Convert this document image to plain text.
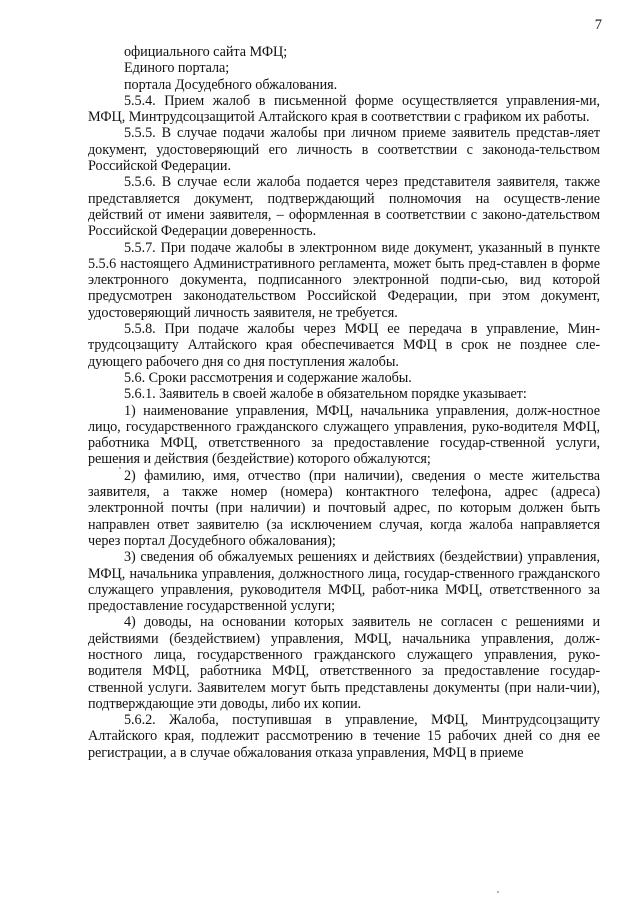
7

официального сайта МФЦ;

Единого портала;

портала Досудебного обжалования.

5.5.4. Прием жалоб в письменной форме осуществляется управления-ми, МФЦ, Минтрудсоцзащитой Алтайского края в соответствии с графиком их работы.

5.5.5. В случае подачи жалобы при личном приеме заявитель представ-ляет документ, удостоверяющий его личность в соответствии с законода-тельством Российской Федерации.

5.5.6. В случае если жалоба подается через представителя заявителя, также представляется документ, подтверждающий полномочия на осуществ-ление действий от имени заявителя, – оформленная в соответствии с законо-дательством Российской Федерации доверенность.

5.5.7. При подаче жалобы в электронном виде документ, указанный в пункте 5.5.6 настоящего Административного регламента, может быть пред-ставлен в форме электронного документа, подписанного электронной подпи-сью, вид которой предусмотрен законодательством Российской Федерации, при этом документ, удостоверяющий личность заявителя, не требуется.

5.5.8. При подаче жалобы через МФЦ ее передача в управление, Мин-трудсоцзащиту Алтайского края обеспечивается МФЦ в срок не позднее сле-дующего рабочего дня со дня поступления жалобы.

5.6. Сроки рассмотрения и содержание жалобы.

5.6.1. Заявитель в своей жалобе в обязательном порядке указывает:

1) наименование управления, МФЦ, начальника управления, долж-ностное лицо, государственного гражданского служащего управления, руко-водителя МФЦ, работника МФЦ, ответственного за предоставление государ-ственной услуги, решения и действия (бездействие) которого обжалуются;

2) фамилию, имя, отчество (при наличии), сведения о месте жительства заявителя, а также номер (номера) контактного телефона, адрес (адреса) электронной почты (при наличии) и почтовый адрес, по которым должен быть направлен ответ заявителю (за исключением случая, когда жалоба направляется через портал Досудебного обжалования);

3) сведения об обжалуемых решениях и действиях (бездействии) управления, МФЦ, начальника управления, должностного лица, государ-ственного гражданского служащего управления, руководителя МФЦ, работ-ника МФЦ, ответственного за предоставление государственной услуги;

4) доводы, на основании которых заявитель не согласен с решениями и действиями (бездействием) управления, МФЦ, начальника управления, долж-ностного лица, государственного гражданского служащего управления, руко-водителя МФЦ, работника МФЦ, ответственного за предоставление государ-ственной услуги. Заявителем могут быть представлены документы (при нали-чии), подтверждающие эти доводы, либо их копии.

5.6.2. Жалоба, поступившая в управление, МФЦ, Минтрудсоцзащиту Алтайского края, подлежит рассмотрению в течение 15 рабочих дней со дня ее регистрации, а в случае обжалования отказа управления, МФЦ в приеме
